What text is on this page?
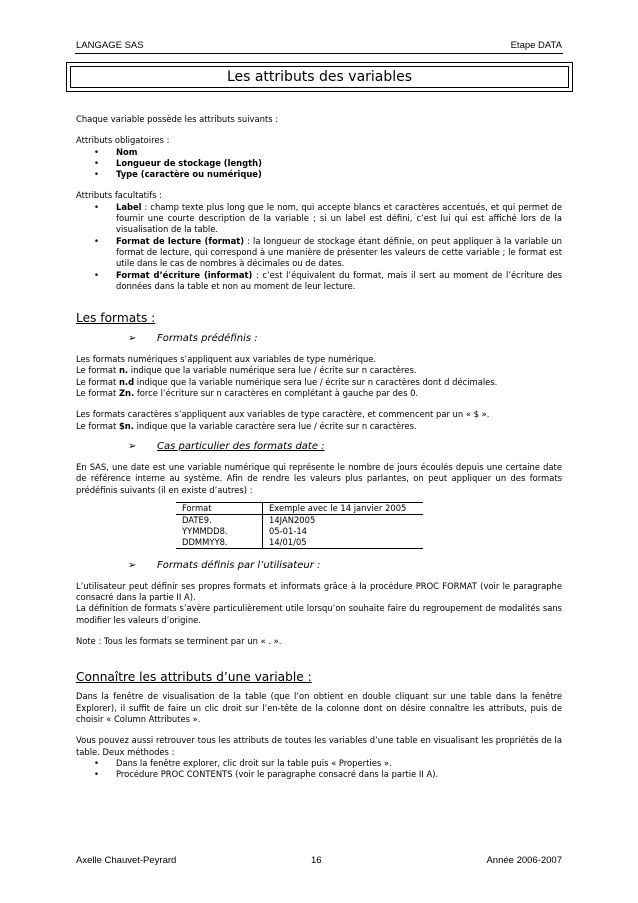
LANGAGE SAS	Etape DATA
Les attributs des variables

Chaque variable possède les attributs suivants :

Attributs obligatoires :

• Nom
• Longueur de stockage (length)
• Type (caractère ou numérique)

Attributs facultatifs :

• Label : champ texte plus long que le nom, qui accepte blancs et caractères accentués, et qui permet de fournir une courte description de la variable ; si un label est défini, c’est lui qui est affiché lors de la visualisation de la table.
• Format de lecture (format) : la longueur de stockage étant définie, on peut appliquer à la variable un format de lecture, qui correspond à une manière de présenter les valeurs de cette variable ; le format est utile dans le cas de nombres à décimales ou de dates.
• Format d’écriture (informat) : c’est l’équivalent du format, mais il sert au moment de l’écriture des données dans la table et non au moment de leur lecture.

Les formats :

➢ Formats prédéfinis :

Les formats numériques s’appliquent aux variables de type numérique.

Le format n. indique que la variable numérique sera lue / écrite sur n caractères.

Le format n.d indique que la variable numérique sera lue / écrite sur n caractères dont d décimales.

Le format Zn. force l’écriture sur n caractères en complétant à gauche par des 0.

Les formats caractères s’appliquent aux variables de type caractère, et commencent par un « $ ».

Le format $n. indique que la variable caractère sera lue / écrite sur n caractères.

➢ Cas particulier des formats date :

En SAS, une date est une variable numérique qui représente le nombre de jours écoulés depuis une certaine date de référence interne au système. Afin de rendre les valeurs plus parlantes, on peut appliquer un des formats prédéfinis suivants (il en existe d’autres) :

Format	Exemple avec le 14 janvier 2005
DATE9.	14JAN2005
YYMMDD8.	05-01-14
DDMMYY8.	14/01/05
➢ Formats définis par l’utilisateur :

L’utilisateur peut définir ses propres formats et informats grâce à la procédure PROC FORMAT (voir le paragraphe consacré dans la partie II A).

La définition de formats s’avère particulièrement utile lorsqu’on souhaite faire du regroupement de modalités sans modifier les valeurs d’origine.

Note : Tous les formats se terminent par un « . ».

Connaître les attributs d’une variable :

Dans la fenêtre de visualisation de la table (que l’on obtient en double cliquant sur une table dans la fenêtre Explorer), il suffit de faire un clic droit sur l’en-tête de la colonne dont on désire connaître les attributs, puis de choisir « Column Attributes ».

Vous pouvez aussi retrouver tous les attributs de toutes les variables d’une table en visualisant les propriétés de la table. Deux méthodes :

• Dans la fenêtre explorer, clic droit sur la table puis « Properties ».
• Procédure PROC CONTENTS (voir le paragraphe consacré dans la partie II A).
Axelle Chauvet-Peyrard	16	Année 2006-2007
